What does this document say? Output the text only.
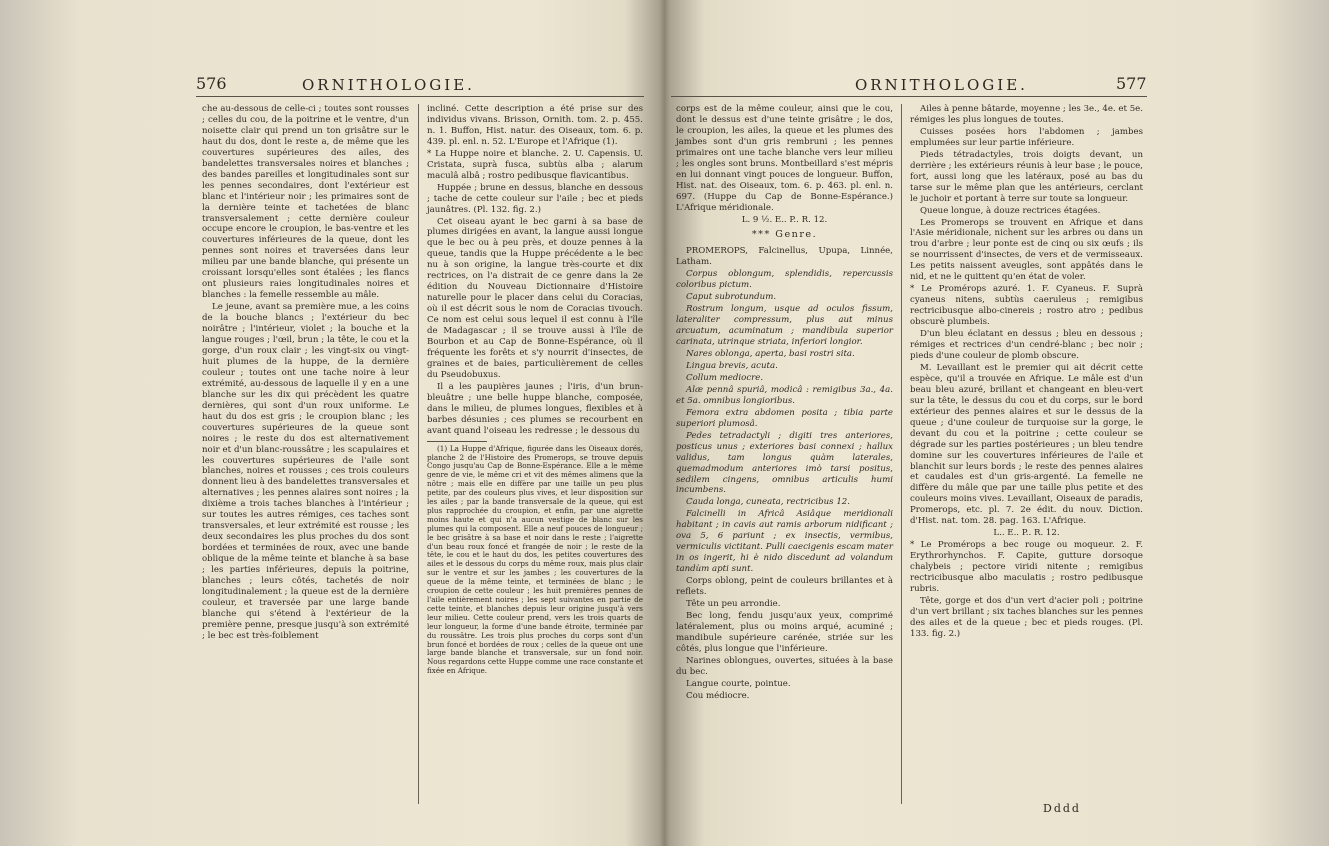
576	ORNITHOLOGIE.

che au-dessous de celle-ci ; toutes sont rousses ; celles du cou, de la poitrine et le ventre, d'un noisette clair qui prend un ton grisâtre sur le haut du dos, dont le reste a, de même que les couvertures supérieures des ailes, des bandelettes transversales noires et blanches ; des bandes pareilles et longitudinales sont sur les pennes secondaires, dont l'extérieur est blanc et l'intérieur noir ; les primaires sont de la dernière teinte et tachetées de blanc transversalement ; cette dernière couleur occupe encore le croupion, le bas-ventre et les couvertures inférieures de la queue, dont les pennes sont noires et traversées dans leur milieu par une bande blanche, qui présente un croissant lorsqu'elles sont étalées ; les flancs ont plusieurs raies longitudinales noires et blanches : la femelle ressemble au mâle.

Le jeune, avant sa première mue, a les coins de la bouche blancs ; l'extérieur du bec noirâtre ; l'intérieur, violet ; la bouche et la langue rouges ; l'œil, brun ; la tête, le cou et la gorge, d'un roux clair ; les vingt-six ou vingt-huit plumes de la huppe, de la dernière couleur ; toutes ont une tache noire à leur extrémité, au-dessous de laquelle il y en a une blanche sur les dix qui précèdent les quatre dernières, qui sont d'un roux uniforme. Le haut du dos est gris ; le croupion blanc ; les couvertures supérieures de la queue sont noires ; le reste du dos est alternativement noir et d'un blanc-roussâtre ; les scapulaires et les couvertures supérieures de l'aile sont blanches, noires et rousses ; ces trois couleurs donnent lieu à des bandelettes transversales et alternatives ; les pennes alaires sont noires ; la dixième a trois taches blanches à l'intérieur ; sur toutes les autres rémiges, ces taches sont transversales, et leur extrémité est rousse ; les deux secondaires les plus proches du dos sont bordées et terminées de roux, avec une bande oblique de la même teinte et blanche à sa base ; les parties inférieures, depuis la poitrine, blanches ; leurs côtés, tachetés de noir longitudinalement ; la queue est de la dernière couleur, et traversée par une large bande blanche qui s'étend à l'extérieur de la première penne, presque jusqu'à son extrémité ; le bec est très-foiblement

incliné. Cette description a été prise sur des individus vivans. Brisson, Ornith. tom. 2. p. 455. n. 1. Buffon, Hist. natur. des Oiseaux, tom. 6. p. 439. pl. enl. n. 52. L'Europe et l'Afrique (1).

* La Huppe noire et blanche. 2. U. Capensis. U. Cristata, suprà fusca, subtùs alba ; alarum maculâ albâ ; rostro pedibusque flavicantibus.

Huppée ; brune en dessus, blanche en dessous ; tache de cette couleur sur l'aile ; bec et pieds jaunâtres. (Pl. 132. fig. 2.)

Cet oiseau ayant le bec garni à sa base de plumes dirigées en avant, la langue aussi longue que le bec ou à peu près, et douze pennes à la queue, tandis que la Huppe précédente a le bec nu à son origine, la langue très-courte et dix rectrices, on l'a distrait de ce genre dans la 2e édition du Nouveau Dictionnaire d'Histoire naturelle pour le placer dans celui du Coracias, où il est décrit sous le nom de Coracias tivouch. Ce nom est celui sous lequel il est connu à l'île de Madagascar ; il se trouve aussi à l'île de Bourbon et au Cap de Bonne-Espérance, où il fréquente les forêts et s'y nourrit d'insectes, de graines et de baies, particulièrement de celles du Pseudobuxus.

Il a les paupières jaunes ; l'iris, d'un brun-bleuâtre ; une belle huppe blanche, composée, dans le milieu, de plumes longues, flexibles et à barbes désunies ; ces plumes se recourbent en avant quand l'oiseau les redresse ; le dessous du

(1) La Huppe d'Afrique, figurée dans les Oiseaux dorés, planche 2 de l'Histoire des Promerops, se trouve depuis Congo jusqu'au Cap de Bonne-Espérance. Elle a le même genre de vie, le même cri et vit des mêmes alimens que la nôtre ; mais elle en diffère par une taille un peu plus petite, par des couleurs plus vives, et leur disposition sur les ailes ; par la bande transversale de la queue, qui est plus rapprochée du croupion, et enfin, par une aigrette moins haute et qui n'a aucun vestige de blanc sur les plumes qui la composent. Elle a neuf pouces de longueur ; le bec grisâtre à sa base et noir dans le reste ; l'aigrette d'un beau roux foncé et frangée de noir ; le reste de la tête, le cou et le haut du dos, les petites couvertures des ailes et le dessous du corps du même roux, mais plus clair sur le ventre et sur les jambes ; les couvertures de la queue de la même teinte, et terminées de blanc ; le croupion de cette couleur ; les huit premières pennes de l'aile entièrement noires ; les sept suivantes en partie de cette teinte, et blanches depuis leur origine jusqu'à vers leur milieu. Cette couleur prend, vers les trois quarts de leur longueur, la forme d'une bande étroite, terminée par du roussâtre. Les trois plus proches du corps sont d'un brun foncé et bordées de roux ; celles de la queue ont une large bande blanche et transversale, sur un fond noir. Nous regardons cette Huppe comme une race constante et fixée en Afrique.

ORNITHOLOGIE.	577

corps est de la même couleur, ainsi que le cou, dont le dessus est d'une teinte grisâtre ; le dos, le croupion, les ailes, la queue et les plumes des jambes sont d'un gris rembruni ; les pennes primaires ont une tache blanche vers leur milieu ; les ongles sont bruns. Montbeillard s'est mépris en lui donnant vingt pouces de longueur. Buffon, Hist. nat. des Oiseaux, tom. 6. p. 463. pl. enl. n. 697. (Huppe du Cap de Bonne-Espérance.) L'Afrique méridionale.

L. 9 ½. E.. P.. R. 12.

*** Genre.

PROMEROPS, Falcinellus, Upupa, Linnée, Latham.

Corpus oblongum, splendidis, repercussis coloribus pictum.

Caput subrotundum.

Rostrum longum, usque ad oculos fissum, lateraliter compressum, plus aut minus arcuatum, acuminatum ; mandibula superior carinata, utrinque striata, inferiori longior.

Nares oblonga, aperta, basi rostri sita.

Lingua brevis, acuta.

Collum mediocre.

Alæ pennâ spuriâ, modicâ : remigibus 3a., 4a. et 5a. omnibus longioribus.

Femora extra abdomen posita ; tibia parte superiori plumosâ.

Pedes tetradactyli ; digiti tres anteriores, posticus unus ; exteriores basi connexi ; hallux validus, tam longus quàm laterales, quemadmodum anteriores imò tarsi positus, sedilem cingens, omnibus articulis humi incumbens.

Cauda longa, cuneata, rectricibus 12.

Falcinelli in Africâ Asiâque meridionali habitant ; in cavis aut ramis arborum nidificant ; ova 5, 6 pariunt ; ex insectis, vermibus, vermiculis victitant. Pulli caecigenis escam mater in os ingerit, hi è nido discedunt ad volandum tandùm apti sunt.

Corps oblong, peint de couleurs brillantes et à reflets.

Tête un peu arrondie.

Bec long, fendu jusqu'aux yeux, comprimé latéralement, plus ou moins arqué, acuminé ; mandibule supérieure carénée, striée sur les côtés, plus longue que l'inférieure.

Narines oblongues, ouvertes, situées à la base du bec.

Langue courte, pointue.

Cou médiocre.

Ailes à penne bâtarde, moyenne ; les 3e., 4e. et 5e. rémiges les plus longues de toutes.

Cuisses posées hors l'abdomen ; jambes emplumées sur leur partie inférieure.

Pieds tétradactyles, trois doigts devant, un derrière ; les extérieurs réunis à leur base ; le pouce, fort, aussi long que les latéraux, posé au bas du tarse sur le même plan que les antérieurs, cerclant le juchoir et portant à terre sur toute sa longueur.

Queue longue, à douze rectrices étagées.

Les Promerops se trouvent en Afrique et dans l'Asie méridionale, nichent sur les arbres ou dans un trou d'arbre ; leur ponte est de cinq ou six œufs ; ils se nourrissent d'insectes, de vers et de vermisseaux. Les petits naissent aveugles, sont appâtés dans le nid, et ne le quittent qu'en état de voler.

* Le Promérops azuré. 1. F. Cyaneus. F. Suprà cyaneus nitens, subtùs caeruleus ; remigibus rectricibusque albo-cinereis ; rostro atro ; pedibus obscurè plumbeis.

D'un bleu éclatant en dessus ; bleu en dessous ; rémiges et rectrices d'un cendré-blanc ; bec noir ; pieds d'une couleur de plomb obscure.

M. Levaillant est le premier qui ait décrit cette espèce, qu'il a trouvée en Afrique. Le mâle est d'un beau bleu azuré, brillant et changeant en bleu-vert sur la tête, le dessus du cou et du corps, sur le bord extérieur des pennes alaires et sur le dessus de la queue ; d'une couleur de turquoise sur la gorge, le devant du cou et la poitrine ; cette couleur se dégrade sur les parties postérieures ; un bleu tendre domine sur les couvertures inférieures de l'aile et blanchit sur leurs bords ; le reste des pennes alaires et caudales est d'un gris-argenté. La femelle ne diffère du mâle que par une taille plus petite et des couleurs moins vives. Levaillant, Oiseaux de paradis, Promerops, etc. pl. 7. 2e édit. du nouv. Diction. d'Hist. nat. tom. 28. pag. 163. L'Afrique.

L.. E.. P.. R. 12.

* Le Promérops a bec rouge ou moqueur. 2. F. Erythrorhynchos. F. Capite, gutture dorsoque chalybeis ; pectore viridi nitente ; remigibus rectricibusque albo maculatis ; rostro pedibusque rubris.

Tête, gorge et dos d'un vert d'acier poli ; poitrine d'un vert brillant ; six taches blanches sur les pennes des ailes et de la queue ; bec et pieds rouges. (Pl. 133. fig. 2.)

Dddd
